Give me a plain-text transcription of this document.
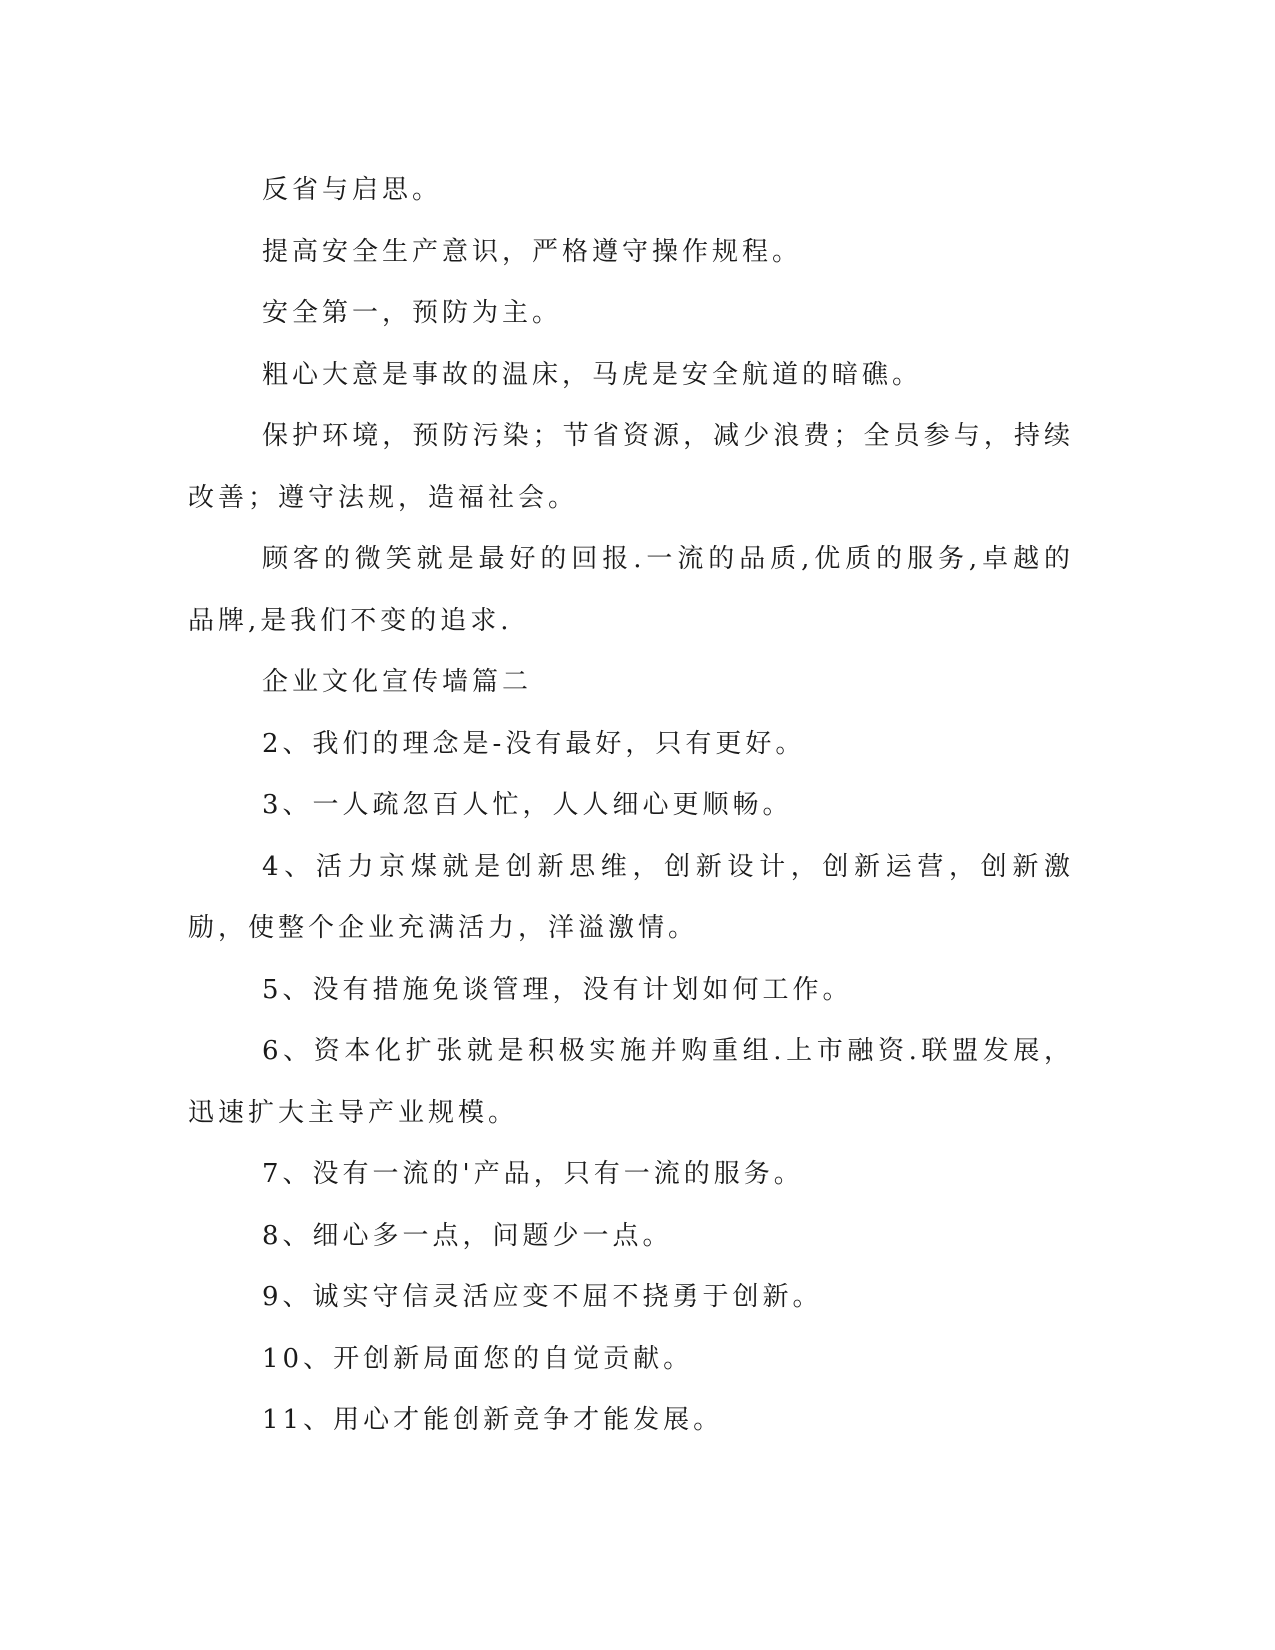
反省与启思。

提高安全生产意识，严格遵守操作规程。

安全第一，预防为主。

粗心大意是事故的温床，马虎是安全航道的暗礁。

保护环境，预防污染；节省资源，减少浪费；全员参与，持续改善；遵守法规，造福社会。

顾客的微笑就是最好的回报.一流的品质,优质的服务,卓越的品牌,是我们不变的追求.

企业文化宣传墙篇二

2、我们的理念是-没有最好，只有更好。

3、一人疏忽百人忙，人人细心更顺畅。

4、活力京煤就是创新思维，创新设计，创新运营，创新激励，使整个企业充满活力，洋溢激情。

5、没有措施免谈管理，没有计划如何工作。

6、资本化扩张就是积极实施并购重组.上市融资.联盟发展，迅速扩大主导产业规模。

7、没有一流的'产品，只有一流的服务。

8、细心多一点，问题少一点。

9、诚实守信灵活应变不屈不挠勇于创新。

10、开创新局面您的自觉贡献。

11、用心才能创新竞争才能发展。
